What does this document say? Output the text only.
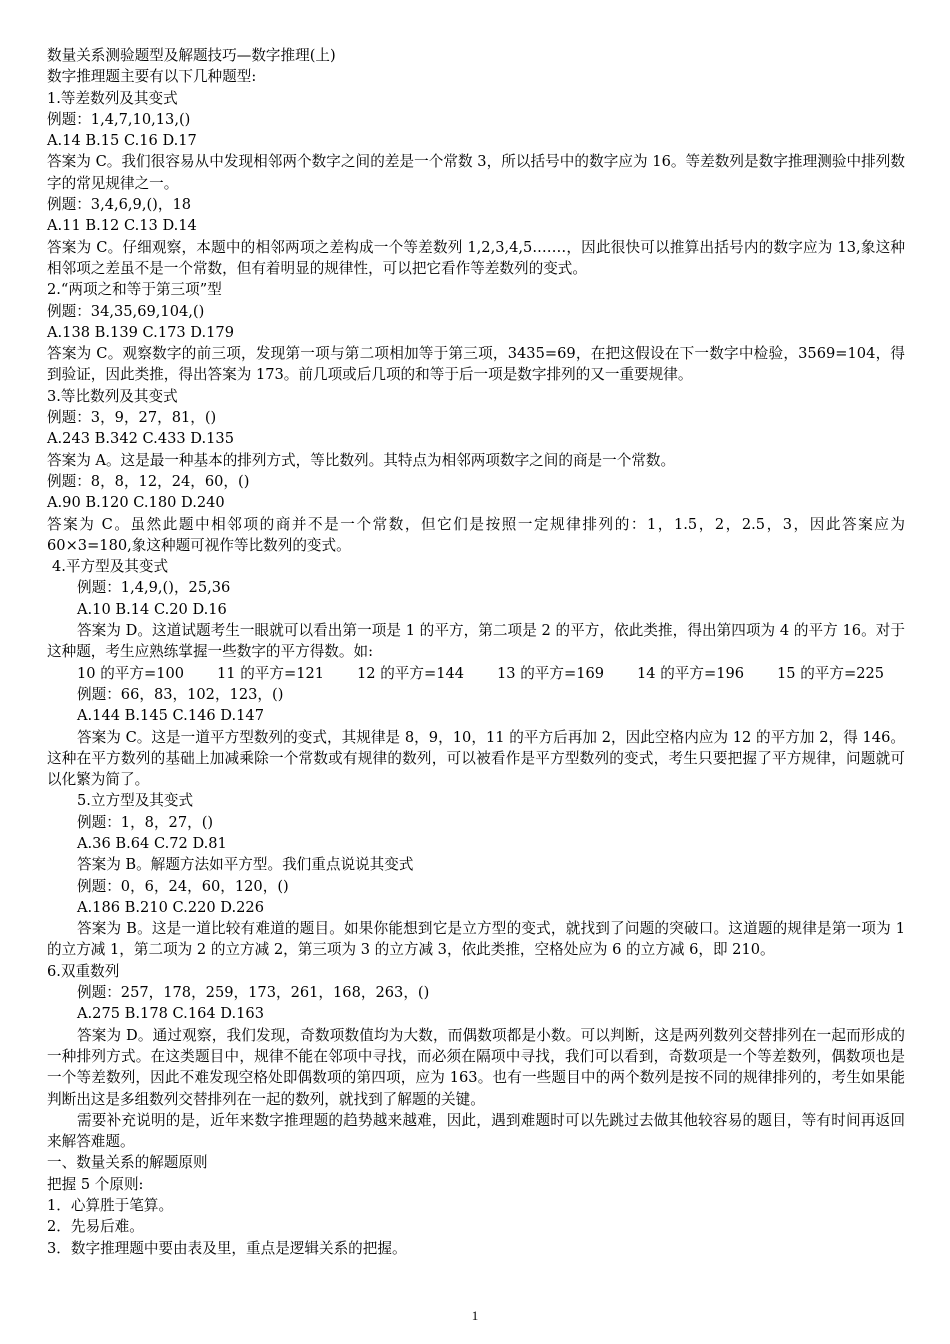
数量关系测验题型及解题技巧—数字推理(上)
数字推理题主要有以下几种题型:
1.等差数列及其变式
例题：1,4,7,10,13,()
A.14 B.15 C.16 D.17
答案为 C。我们很容易从中发现相邻两个数字之间的差是一个常数 3，所以括号中的数字应为 16。等差数列是数字推理测验中排列数字的常见规律之一。
例题：3,4,6,9,()，18
A.11 B.12 C.13 D.14
答案为 C。仔细观察，本题中的相邻两项之差构成一个等差数列 1,2,3,4,5.……，因此很快可以推算出括号内的数字应为 13,象这种相邻项之差虽不是一个常数，但有着明显的规律性，可以把它看作等差数列的变式。
2.“两项之和等于第三项”型
例题：34,35,69,104,()
A.138 B.139 C.173 D.179
答案为 C。观察数字的前三项，发现第一项与第二项相加等于第三项，3435=69，在把这假设在下一数字中检验，3569=104，得到验证，因此类推，得出答案为 173。前几项或后几项的和等于后一项是数字排列的又一重要规律。
3.等比数列及其变式
例题：3，9，27，81，()
A.243 B.342 C.433 D.135
答案为 A。这是最一种基本的排列方式，等比数列。其特点为相邻两项数字之间的商是一个常数。
例题：8，8，12，24，60，()
A.90 B.120 C.180 D.240
答案为 C。虽然此题中相邻项的商并不是一个常数，但它们是按照一定规律排列的：1，1.5，2，2.5，3，因此答案应为 60×3=180,象这种题可视作等比数列的变式。
4.平方型及其变式
例题：1,4,9,()，25,36
A.10 B.14 C.20 D.16
答案为 D。这道试题考生一眼就可以看出第一项是 1 的平方，第二项是 2 的平方，依此类推，得出第四项为 4 的平方 16。对于这种题，考生应熟练掌握一些数字的平方得数。如:
10 的平方=100 11 的平方=121 12 的平方=144 13 的平方=169 14 的平方=196 15 的平方=225
例题：66，83，102，123，()
A.144 B.145 C.146 D.147
答案为 C。这是一道平方型数列的变式，其规律是 8，9，10，11 的平方后再加 2，因此空格内应为 12 的平方加 2，得 146。这种在平方数列的基础上加减乘除一个常数或有规律的数列，可以被看作是平方型数列的变式，考生只要把握了平方规律，问题就可以化繁为简了。
5.立方型及其变式
例题：1，8，27，()
A.36 B.64 C.72 D.81
答案为 B。解题方法如平方型。我们重点说说其变式
例题：0，6，24，60，120，()
A.186 B.210 C.220 D.226
答案为 B。这是一道比较有难道的题目。如果你能想到它是立方型的变式，就找到了问题的突破口。这道题的规律是第一项为 1 的立方减 1，第二项为 2 的立方减 2，第三项为 3 的立方减 3，依此类推，空格处应为 6 的立方减 6，即 210。
6.双重数列
例题：257，178，259，173，261，168，263，()
A.275 B.178 C.164 D.163
答案为 D。通过观察，我们发现，奇数项数值均为大数，而偶数项都是小数。可以判断，这是两列数列交替排列在一起而形成的一种排列方式。在这类题目中，规律不能在邻项中寻找，而必须在隔项中寻找，我们可以看到，奇数项是一个等差数列，偶数项也是一个等差数列，因此不难发现空格处即偶数项的第四项，应为 163。也有一些题目中的两个数列是按不同的规律排列的，考生如果能判断出这是多组数列交替排列在一起的数列，就找到了解题的关键。
需要补充说明的是，近年来数字推理题的趋势越来越难，因此，遇到难题时可以先跳过去做其他较容易的题目，等有时间再返回来解答难题。
一、数量关系的解题原则
把握 5 个原则:
1．心算胜于笔算。
2．先易后难。
3．数字推理题中要由表及里，重点是逻辑关系的把握。
1
